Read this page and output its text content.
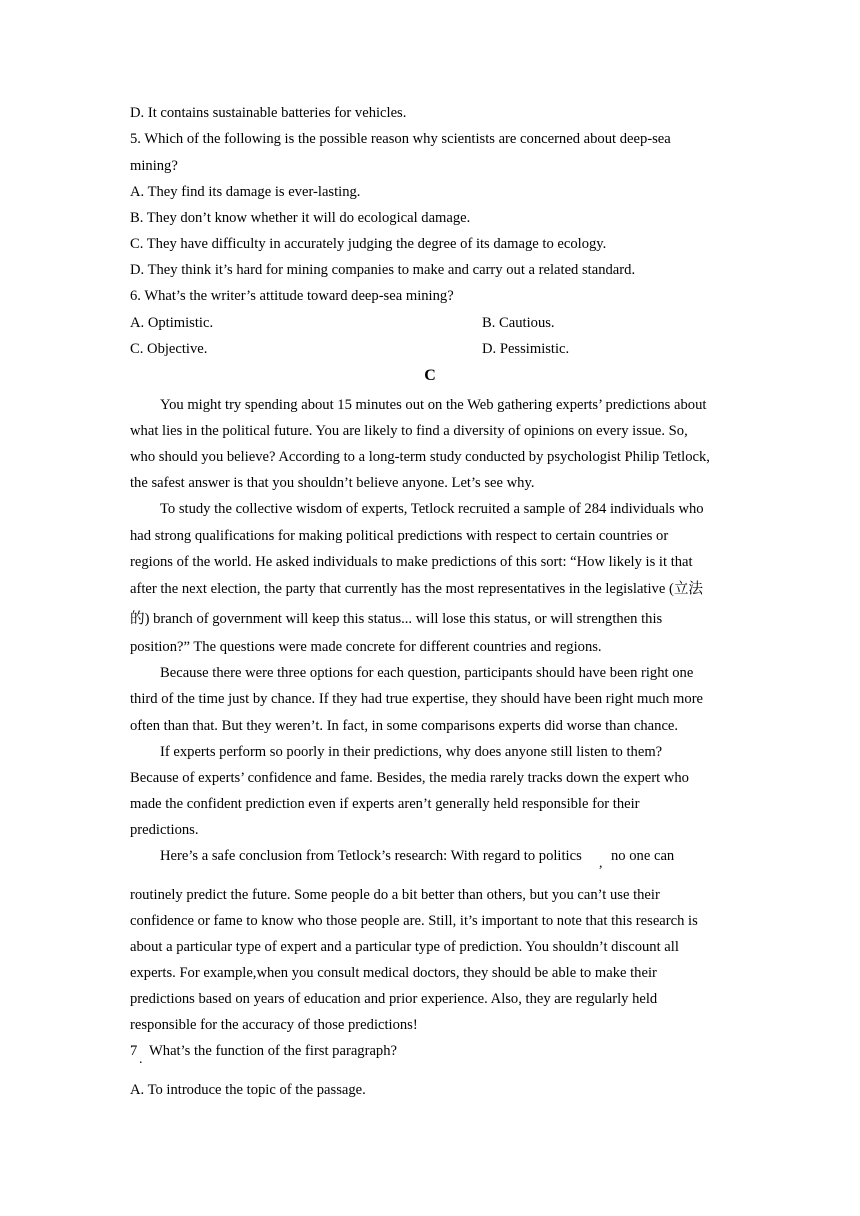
D. It contains sustainable batteries for vehicles.
5. Which of the following is the possible reason why scientists are concerned about deep-sea
mining?
A. They find its damage is ever-lasting.
B. They don’t know whether it will do ecological damage.
C. They have difficulty in accurately judging the degree of its damage to ecology.
D. They think it’s hard for mining companies to make and carry out a related standard.
6. What’s the writer’s attitude toward deep-sea mining?
A. Optimistic.	B. Cautious.
C. Objective.	D. Pessimistic.
C
You might try spending about 15 minutes out on the Web gathering experts’ predictions about
what lies in the political future. You are likely to find a diversity of opinions on every issue. So,
who should you believe? According to a long-term study conducted by psychologist Philip Tetlock,
the safest answer is that you shouldn’t believe anyone. Let’s see why.
To study the collective wisdom of experts, Tetlock recruited a sample of 284 individuals who
had strong qualifications for making political predictions with respect to certain countries or
regions of the world. He asked individuals to make predictions of this sort: “How likely is it that
after the next election, the party that currently has the most representatives in the legislative (立法
的) branch of government will keep this status... will lose this status, or will strengthen this
position?” The questions were made concrete for different countries and regions.
Because there were three options for each question, participants should have been right one
third of the time just by chance. If they had true expertise, they should have been right much more
often than that. But they weren’t. In fact, in some comparisons experts did worse than chance.
If experts perform so poorly in their predictions, why does anyone still listen to them?
Because of experts’ confidence and fame. Besides, the media rarely tracks down the expert who
made the confident prediction even if experts aren’t generally held responsible for their
predictions.
Here’s a safe conclusion from Tetlock’s research: With regard to politics , no one can
routinely predict the future. Some people do a bit better than others, but you can’t use their
confidence or fame to know who those people are. Still, it’s important to note that this research is
about a particular type of expert and a particular type of prediction. You shouldn’t discount all
experts. For example,when you consult medical doctors, they should be able to make their
predictions based on years of education and prior experience. Also, they are regularly held
responsible for the accuracy of those predictions!
7
.
What’s the function of the first paragraph?
A. To introduce the topic of the passage.
